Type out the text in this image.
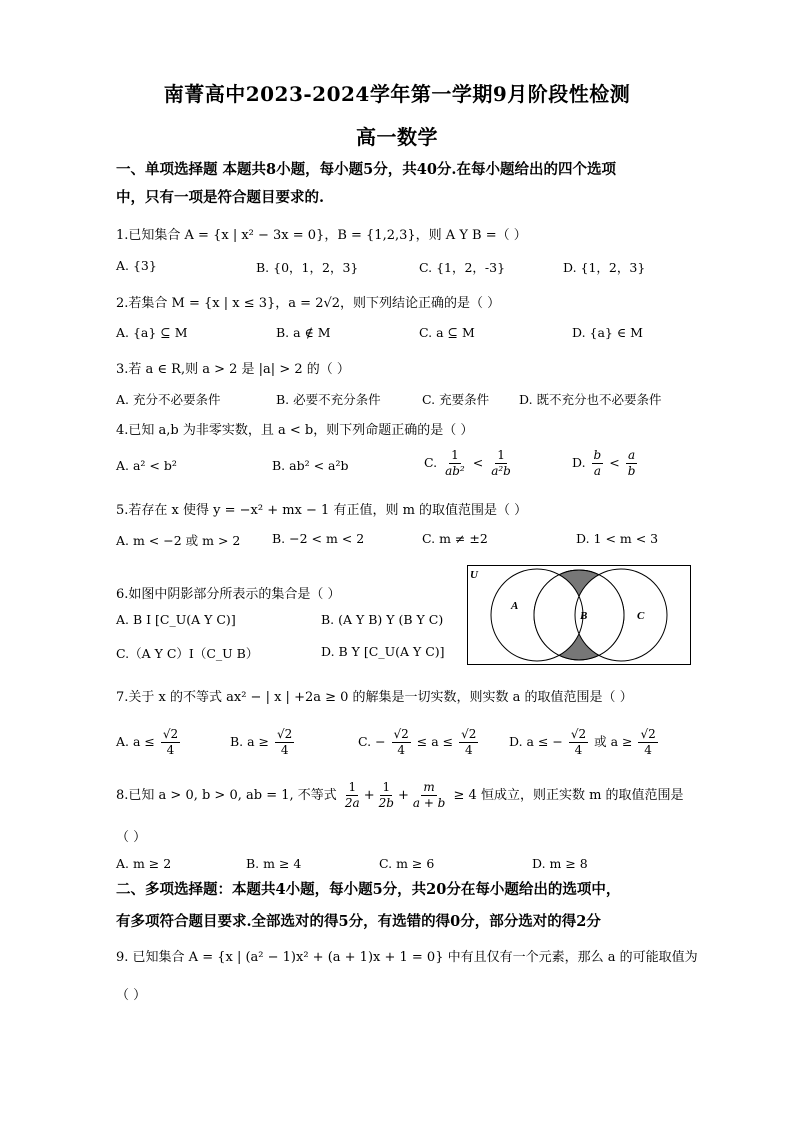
南菁高中2023-2024学年第一学期9月阶段性检测
高一数学
一、单项选择题 本题共8小题，每小题5分，共40分.在每小题给出的四个选项
中，只有一项是符合题目要求的.
1.已知集合 A = {x | x² − 3x = 0}，B = {1,2,3}，则 A Y B =（ ）
A. {3}	B. {0，1，2，3}	C. {1，2，-3}	D. {1，2，3}
2.若集合 M = {x | x ≤ 3}，a = 2√2，则下列结论正确的是（ ）
A. {a} ⊆ M	B. a ∉ M	C. a ⊆ M	D. {a} ∈ M
3.若 a ∈ R,则 a > 2 是 |a| > 2 的（ ）
A. 充分不必要条件	B. 必要不充分条件	C. 充要条件 D. 既不充分也不必要条件
4.已知 a,b 为非零实数，且 a < b，则下列命题正确的是（ ）
A. a² < b²	B. ab² < a²b	C. $\frac{1}{\text{ab²}} < \frac{1}{\text{a²b}}$	D. $\frac{b}{a} < \frac{a}{b}$
5.若存在 x 使得 y = −x² + mx − 1 有正值，则 m 的取值范围是（ ）
A. m < −2 或 m > 2	B. −2 < m < 2	C. m ≠ ±2	D. 1 < m < 3
6.如图中阴影部分所表示的集合是（ ）
A. B I [C_U(A Y C)]	B. (A Y B) Y (B Y C)
C.（A Y C）I（C_U B）	D. B Y [C_U(A Y C)]
U
A
B	C
7.关于 x 的不等式 ax² − | x | +2a ≥ 0 的解集是一切实数，则实数 a 的取值范围是（ ）
A. $a \le \frac{√2}{4}$	B. $a \ge \frac{√2}{4}$	C. − $\frac{√2}{4} \le a \le \frac{√2}{4} D$. a ≤ − $\frac{√2}{4}$ 或 $a \ge \frac{√2}{4}$
8.已知 a > 0, b > 0, ab = 1, 不等式 $\frac{1}{2a} + \frac{1}{2b} + \frac{m}{a + b} \ge 4$ 恒成立，则正实数 m 的取值范围是
（ ）
A. m ≥ 2	B. m ≥ 4	C. m ≥ 6	D. m ≥ 8
二、多项选择题：本题共4小题，每小题5分，共20分在每小题给出的选项中，
有多项符合题目要求.全部选对的得5分，有选错的得0分，部分选对的得2分
9. 已知集合 A = {x | (a² − 1)x² + (a + 1)x + 1 = 0} 中有且仅有一个元素，那么 a 的可能取值为
（ ）
